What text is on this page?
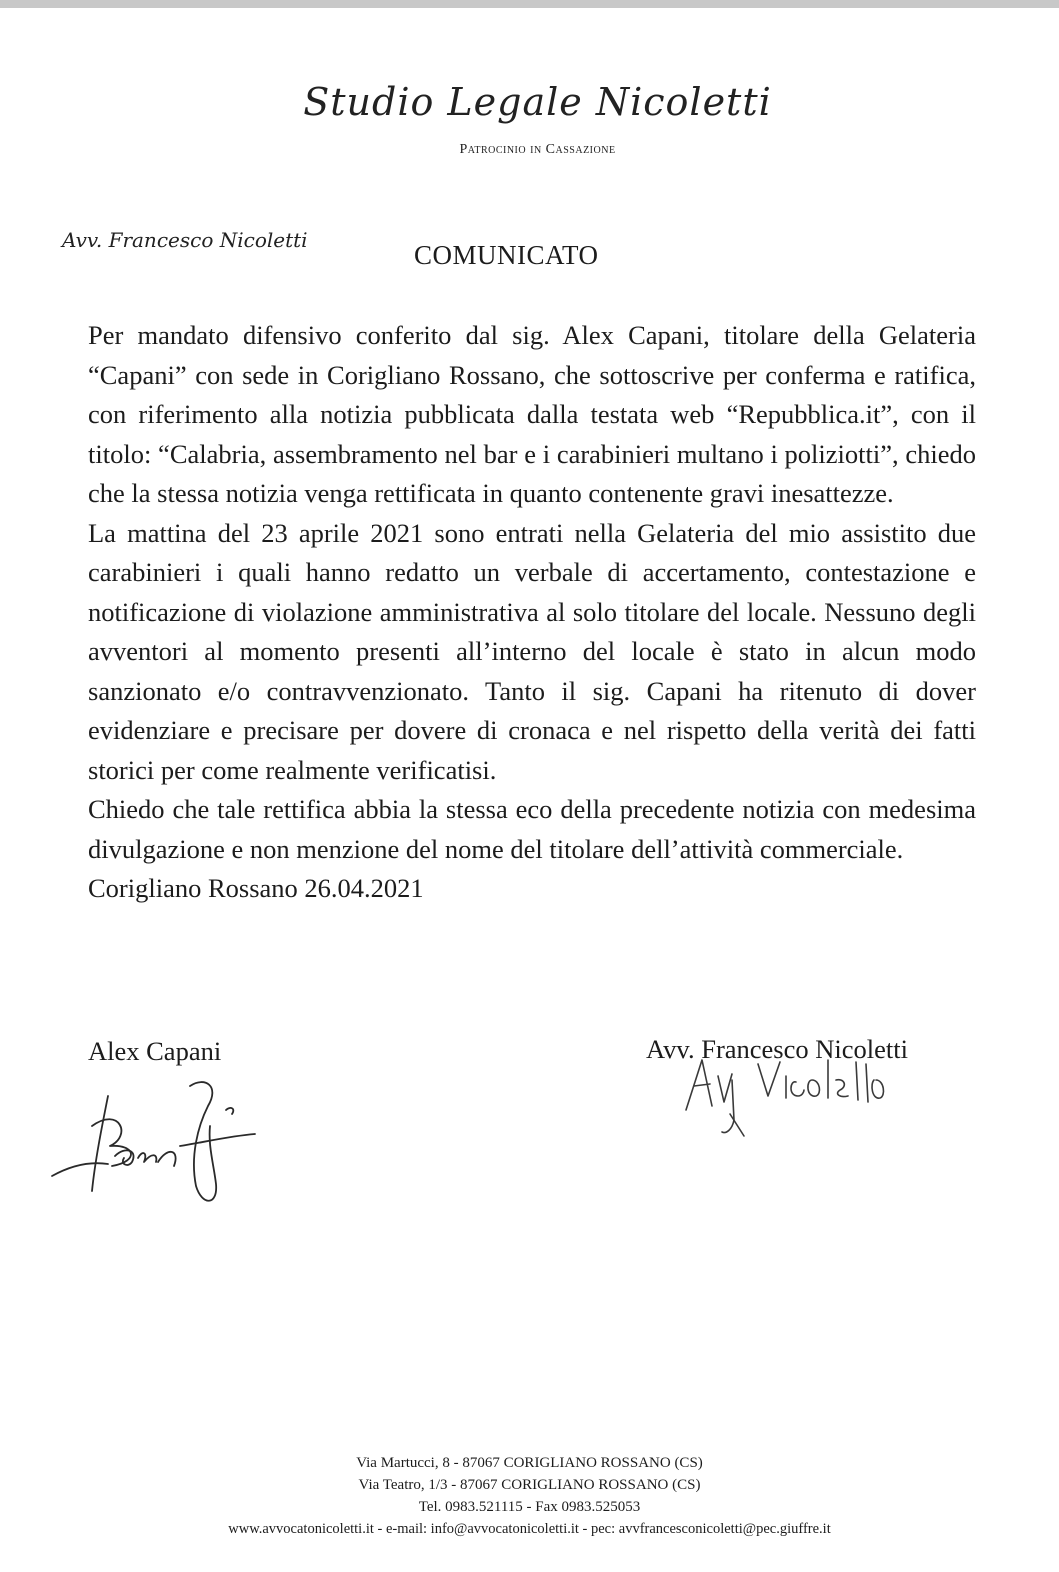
Studio Legale Nicoletti
Patrocinio in Cassazione
Avv. Francesco Nicoletti	COMUNICATO

Per mandato difensivo conferito dal sig. Alex Capani, titolare della Gelateria “Capani” con sede in Corigliano Rossano, che sottoscrive per conferma e ratifica, con riferimento alla notizia pubblicata dalla testata web “Repubblica.it”, con il titolo: “Calabria, assembramento nel bar e i carabinieri multano i poliziotti”, chiedo che la stessa notizia venga rettificata in quanto contenente gravi inesattezze.

La mattina del 23 aprile 2021 sono entrati nella Gelateria del mio assistito due carabinieri i quali hanno redatto un verbale di accertamento, contestazione e notificazione di violazione amministrativa al solo titolare del locale. Nessuno degli avventori al momento presenti all’interno del locale è stato in alcun modo sanzionato e/o contravvenzionato. Tanto il sig. Capani ha ritenuto di dover evidenziare e precisare per dovere di cronaca e nel rispetto della verità dei fatti storici per come realmente verificatisi.

Chiedo che tale rettifica abbia la stessa eco della precedente notizia con medesima divulgazione e non menzione del nome del titolare dell’attività commerciale.

Corigliano Rossano 26.04.2021

Alex Capani	Avv. Francesco Nicoletti
Via Martucci, 8 - 87067 CORIGLIANO ROSSANO (CS)
Via Teatro, 1/3 - 87067 CORIGLIANO ROSSANO (CS)
Tel. 0983.521115 - Fax 0983.525053
www.avvocatonicoletti.it - e-mail: info@avvocatonicoletti.it - pec: avvfrancesconicoletti@pec.giuffre.it
